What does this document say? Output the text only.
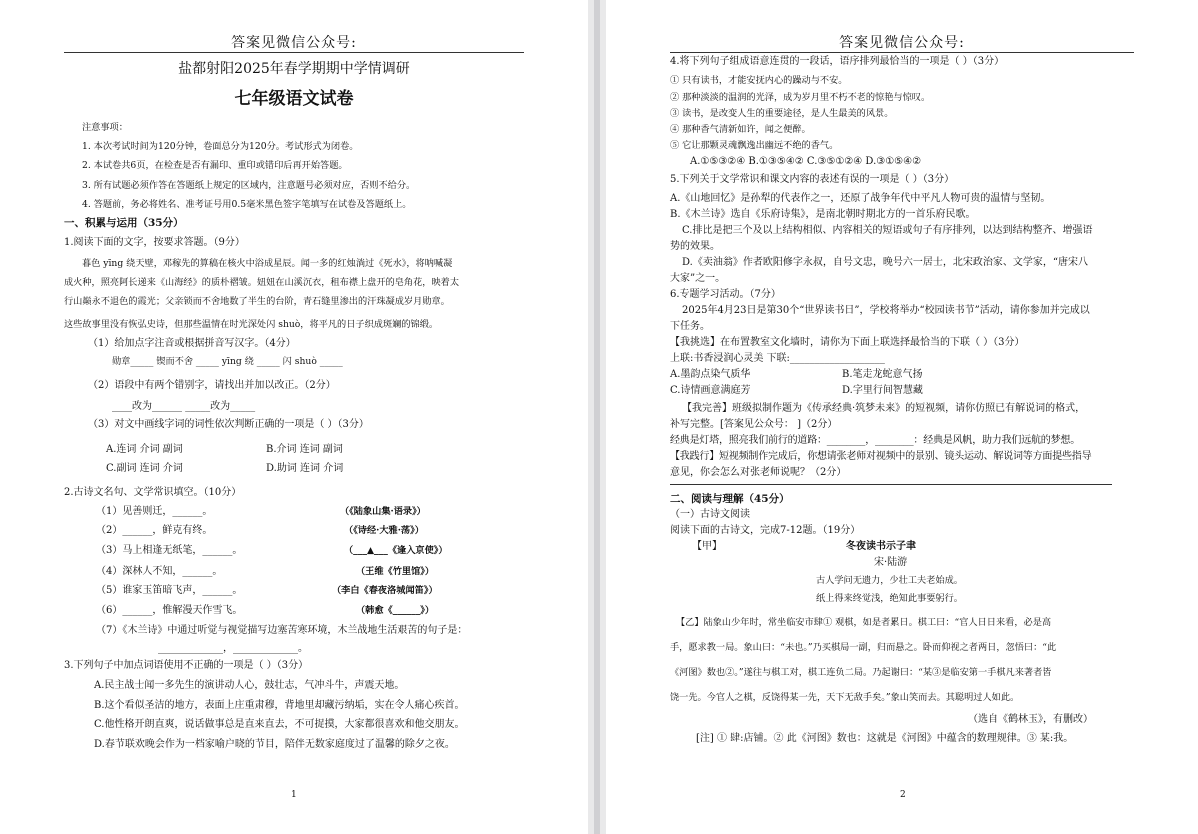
答案见微信公众号:
盐都射阳2025年春学期期中学情调研
七年级语文试卷
注意事项：
1. 本次考试时间为120分钟，卷面总分为120分。考试形式为闭卷。
2. 本试卷共6页，在检查是否有漏印、重印或错印后再开始答题。
3. 所有试题必须作答在答题纸上规定的区域内，注意题号必须对应，否则不给分。
4. 答题前，务必将姓名、准考证号用0.5毫米黑色签字笔填写在试卷及答题纸上。
一、积累与运用（35分）
1.阅读下面的文字，按要求答题。（9分）
暮色 yīng 绕天壁，邓稼先的算稿在核火中浴成星辰。闻一多的红烛淌过《死水》，将呐喊凝
成火种，照亮阿长递来《山海经》的质朴褶皱。妞妞在山溪沉衣，租布襟上盘开的皂角花，映着太
行山巅永不退色的霞光；父亲锁而不舍地数了半生的台阶，青石缝里渗出的汗珠凝成岁月勋章。
这些故事里没有恢弘史诗，但那些温情在时光深处闪 shuò，将平凡的日子织成斑斓的锦缎。
（1）给加点字注音或根据拼音写汉字。（4分）
勋章_____ 锲而不舍 _____ yīng 绕 _____ 闪 shuò _____
（2）语段中有两个错别字，请找出并加以改正。（2分）
____改为______ _____改为_____
（3）对文中画线字词的词性依次判断正确的一项是（ ）（3分）
A.连词 介词 副词	B.介词 连词 副词
C.副词 连词 介词	D.助词 连词 介词
2.古诗文名句、文学常识填空。（10分）
（1）见善则迁，______。	（《陆象山集·语录》）
（2）______，鲜克有终。	（《诗经·大雅·荡》）
（3）马上相逢无纸笔，______。	（___▲___《逢入京使》）
（4）深林人不知，______。	（王维《竹里馆》）
（5）谁家玉笛暗飞声，______。	（李白《春夜洛城闻笛》）
（6）______，惟解漫天作雪飞。	（韩愈《______》）
（7）《木兰诗》中通过听觉与视觉描写边塞苦寒环境，木兰战地生活艰苦的句子是：
_____________，_____________。
3.下列句子中加点词语使用不正确的一项是（ ）（3分）
A.民主战士闻一多先生的演讲动人心，鼓壮志，气冲斗牛，声震天地。
B.这个看似圣洁的地方，表面上庄重肃穆，背地里却藏污纳垢，实在令人痛心疾首。
C.他性格开朗直爽，说话做事总是直来直去，不可捉摸，大家都很喜欢和他交朋友。
D.春节联欢晚会作为一档家喻户晓的节目，陪伴无数家庭度过了温馨的除夕之夜。
1
答案见微信公众号:
4.将下列句子组成语意连贯的一段话，语序排列最恰当的一项是（ ）（3分）
① 只有读书，才能安抚内心的躁动与不安。
② 那种淡淡的温润的光泽，成为岁月里不朽不老的惊艳与惊叹。
③ 读书，是改变人生的重要途径，是人生最美的风景。
④ 那种香气清新如许，闻之便醉。
⑤ 它让那颗灵魂飘逸出幽远不绝的香气。
A.①⑤③②④ B.①③⑤④② C.③⑤①②④ D.③①⑤④②
5.下列关于文学常识和课文内容的表述有误的一项是（ ）（3分）
A.《山地回忆》是孙犁的代表作之一，还原了战争年代中平凡人物可贵的温情与坚韧。
B.《木兰诗》选自《乐府诗集》，是南北朝时期北方的一首乐府民歌。
C.排比是把三个及以上结构相似、内容相关的短语或句子有序排列，以达到结构整齐、增强语
势的效果。
D.《卖油翁》作者欧阳修字永叔，自号文忠，晚号六一居士，北宋政治家、文学家，“唐宋八
大家”之一。
6.专题学习活动。（7分）
2025年4月23日是第30个“世界读书日”，学校将举办“校园读书节”活动，请你参加并完成以
下任务。
【我挑选】在布置教室文化墙时，请你为下面上联选择最恰当的下联（ ）（3分）
上联:书香浸润心灵美 下联:___________________
A.墨韵点染气质华	B.笔走龙蛇意气扬
C.诗情画意满庭芳	D.字里行间智慧藏
【我完善】班级拟制作题为《传承经典·筑梦未来》的短视频，请你仿照已有解说词的格式，
补写完整。[答案见公众号： ]（2分）
经典是灯塔，照亮我们前行的道路：________，________：经典是风帆，助力我们远航的梦想。
【我践行】短视频制作完成后，你想请张老师对视频中的景别、镜头运动、解说词等方面提些指导
意见，你会怎么对张老师说呢？（2分）
二、阅读与理解（45分）
（一）古诗文阅读
阅读下面的古诗文，完成7-12题。（19分）
【甲】	冬夜读书示子聿
宋·陆游
古人学问无遗力，少壮工夫老始成。
纸上得来终觉浅，绝知此事要躬行。
【乙】陆象山少年时，常坐临安市肆① 观棋，如是者累日。棋工曰：“官人日日来看，必是高
手，愿求教一局。象山曰：“未也。”乃买棋局一副，归而悬之。卧而仰视之者两日，忽悟曰：“此
《河图》数也②。”遂往与棋工对，棋工连负二局。乃起谢曰：“某③是临安第一手棋凡来著者皆
饶一先。今官人之棋，反饶得某一先，天下无敌手矣。”象山笑而去。其聪明过人如此。
（选自《鹤林玉》，有删改）
[注] ① 肆:店铺。② 此《河图》数也：这就是《河图》中蕴含的数理规律。③ 某:我。
2
